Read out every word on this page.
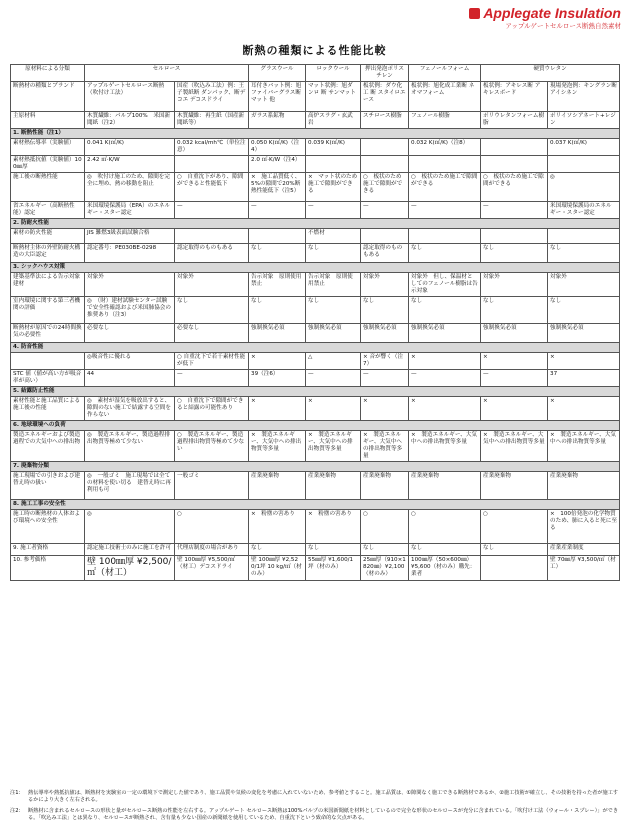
Applegate Insulation
アップルゲートセルロース断熱自然素材
断熱の種類による性能比較
原材料による分類	セルロース		グラスウール	ロックウール	押出発泡ポリスチレン	フェノールフォーム	硬質ウレタン	
断熱材の種類とブランド	アップルゲートセルロース断熱（吹付け工法）	国産（吹込み工法）例：王子製紙断 ダンパック、断デコエ デコスドライ	耳付きバット例：旭ファイバーグラス断 マット 他	マット状例：旭ダンロ 断 サンマット	板状例：ダウ化工 断 スタイロエース	板状例：旭化成工業断 ネオマフォーム	板状例：アキレス断 アキレスボード	現場発泡例：キングラン断 アイシネン
主原材料	木質繊維：パルプ100%　米国新聞紙（注2）	木質繊維：再生紙（国産新聞紙等）	ガラス系鉱物	高炉スラグ・玄武岩	スチロース樹脂	フェノール樹脂	ポリウレタンフォーム樹脂	ポリイソシアネート+レジン
1. 断熱性能（注1）								
素材熱伝導率（実験値）	0.041 K(㎡/K)	0.032 kcal/mh℃（単位注意）	0.050 K(㎡/K)（注4）	0.039 K(㎡/K)		0.032 K(㎡/K)（注8）		0.037 K(㎡/K)
素材熱抵抗値（実験値）100㎜厚	2.42 ㎡·K/W		2.0 ㎡·K/W（注4）					
施工後の断熱性能	◎　吹付け施工のため、隙間を完全に埋め、熱の移動を阻止	○　自重沈下があり、隙間ができると性能低下	×　施工品質低く、5%の隙間で20%断熱性能低下（注5）	×　マット状のため施工で隙間ができる	○　板状のため施工で隙間ができる	○　板状のため施工で隙間ができる	○　板状のため施工で隙間ができる	◎
省エネルギー（高断熱性能）認定	米国環境保護局（EPA）のエネルギー・スター認定	—	—	—	—	—	—	米国環境保護局のエネルギー・スター認定
2. 防耐火性能								
素材の防火性能	JIS 難燃3級表面試験合格			不燃材				
断熱材主体の外壁防耐火構造の大臣認定	認定番号：PE030BE-0298	認定取得のものもある	なし	なし	認定取得のものもある	なし	なし	なし
3. シックハウス対策								
建築基準法による告示対象建材	対象外	対象外	告示対象　原則使用禁止	告示対象　原則使用禁止	対象外	対象外　但し、保温材としてのフェノール樹脂は告示対象	対象外	対象外
室内環境に関する第三者機関の評価	◎　（財）建材試験センター試験で安全性確認および米国肺協会の推奨あり（注3）	なし	なし	なし	なし	なし	なし	なし
断熱材が原因での24時間換気の必要性	必要なし	必要なし	強制換気必須	強制換気必須	強制換気必須	強制換気必須	強制換気必須	強制換気必須
4. 防音性能								
	◎吸音性に優れる	○ 自重沈下で若干素材性能が低下	×	△	× 音が響く（注7）	×	×	×
STC 値（値が高い方が吸音率が高い）	44	—	39（注6）	—	—	—	—	37
5. 結露防止性能								
素材性能と施工品質による施工後の性能	◎　素材が湿気を吸放出すると、隙間のない施工で結露する空間を作らない	○　自重沈下で隙間ができると結露の可能性あり	×	×	×	×	×	×
6. 地球環境への負荷								
製造エネルギーおよび製造過程での大気中への排出物	◎　製造エネルギー、製造過程排出物質等極めて少ない	○　製造エネルギー、製造過程排出物質等極めて少ない	×　製造エネルギー、大気中への排出物質等多量	×　製造エネルギー、大気中への排出物質等多量	×　製造エネルギー、大気中への排出物質等多量	×　製造エネルギー、大気中への排出物質等多量	×　製造エネルギー、大気中への排出物質等多量	×　製造エネルギー、大気中への排出物質等多量
7. 廃棄物分類								
施工現場での引きおよび建替え時の扱い	◎　一般ゴミ　施工現場では全ての材料を使い切る　建替え時に再利用も可	一般ゴミ	産業廃棄物	産業廃棄物	産業廃棄物	産業廃棄物	産業廃棄物	産業廃棄物
8. 施工工事の安全性								
施工時の断熱材の人体および環境への安全性	◎	○	×　粉塵の害あり	×　粉塵の害あり	○	○	○	×　100倍発泡の化学物質のため、肺に入ると死に至る
9. 施工者資格	認定施工技術士のみに施工を許可	代理店制度の場合があり	なし	なし	なし	なし	なし	産業産業制度
10. 参考価格	壁 100㎜厚 ¥2,500/㎡（材工）	壁 100㎜厚 ¥5,500/㎡（材工）デコスドライ	壁 100㎜厚 ¥2,520/1坪 10 kg/㎡（材のみ）	55㎜厚 ¥1,600/1坪（材のみ）	25㎜厚（910×1820㎜）¥2,100（材のみ）	100㎜厚（50×600㎜）¥5,600（材のみ）購先：業者		壁 70㎜厚 ¥3,500/㎡（材工）
注1： 熱伝導率や熱抵抗値は、断熱材を実験室の一定の環境下で測定した値であり、施工品質や気候の変化を考慮に入れていないため、参考値とすること。施工品質は、①隙間なく施工できる断熱材であるか、②施工技術が確立し、その技術を持った者が施工するかにより大きく左右される。
注2： 断熱材に含まれるセルロースの形状と量がセルロース断熱の性能を左右する。アップルゲート セルロース断熱は100%パルプの米国新聞紙を材料としているので完全な形状のセルロースが充分に含まれている。「吹付け工法（ウォール・スプレー）」ができる。「吹込み工法」とは異なり、セルロースが断熱され、含有量も少ない国産の新聞紙を使用しているため、自重沈下という致命的な欠点がある。
